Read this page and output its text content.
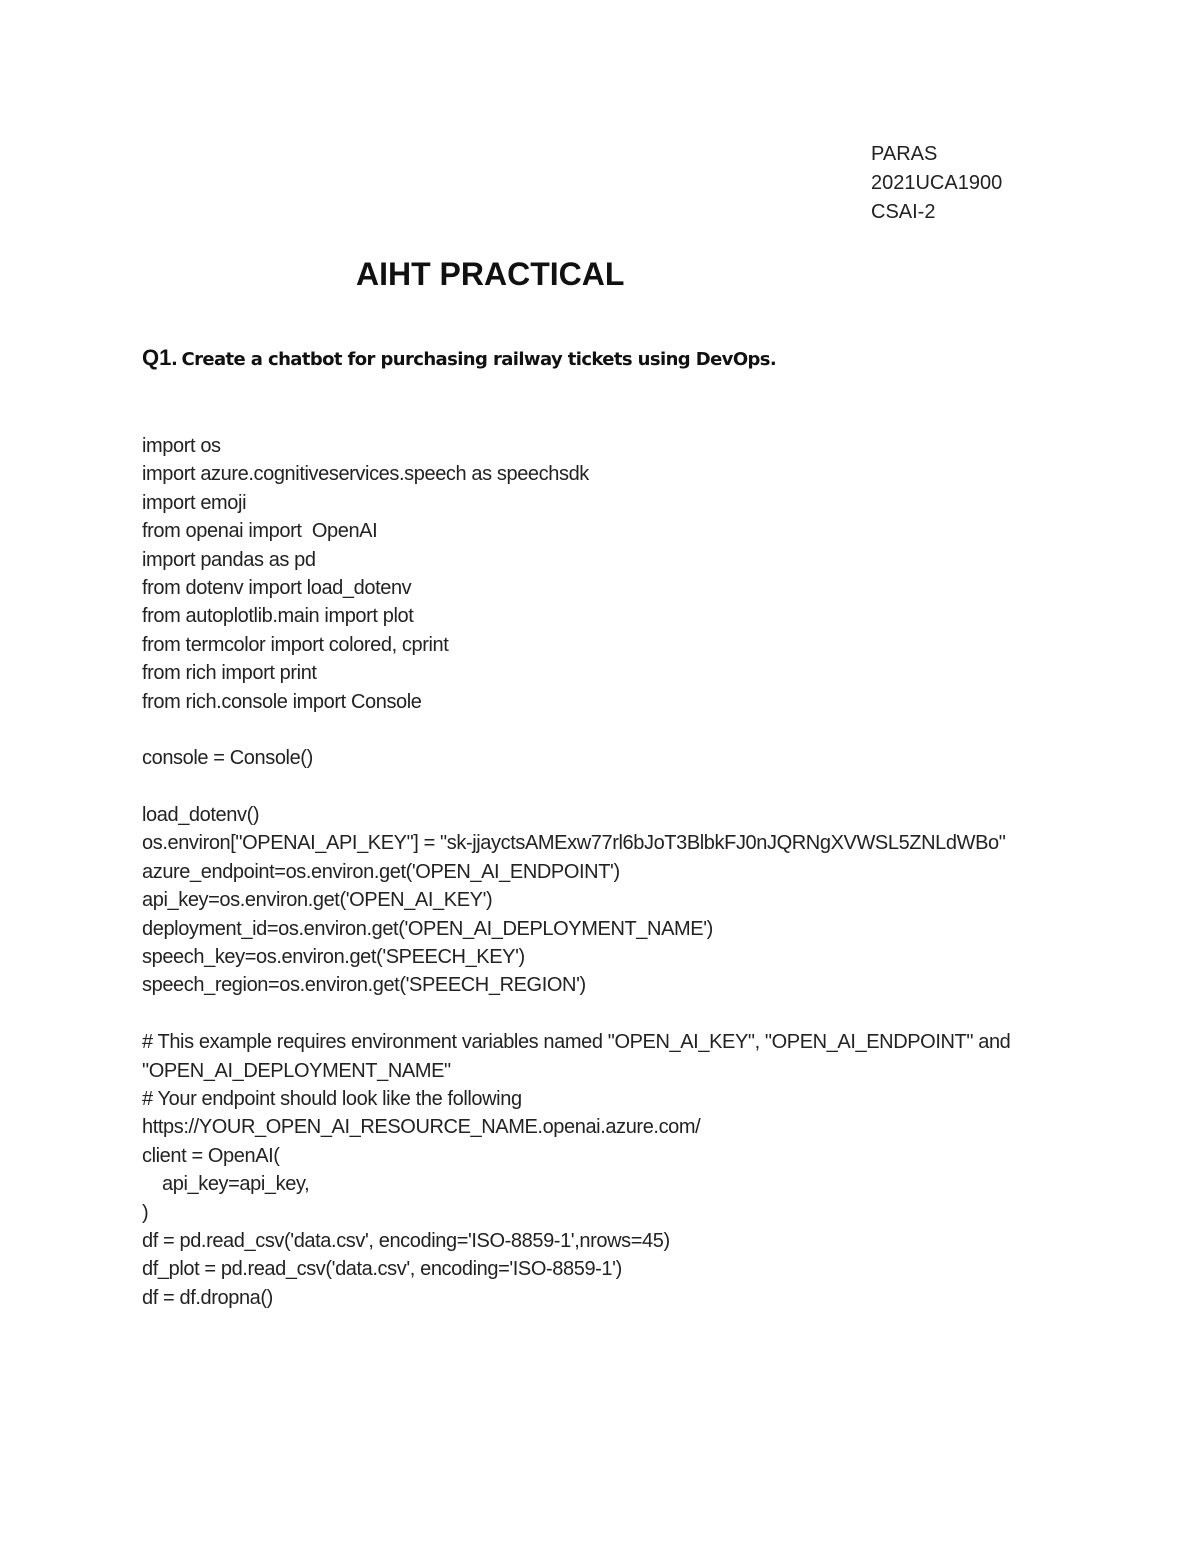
PARAS
2021UCA1900
CSAI-2
AIHT PRACTICAL
Q1. Create a chatbot for purchasing railway tickets using DevOps.
import os
import azure.cognitiveservices.speech as speechsdk
import emoji
from openai import  OpenAI
import pandas as pd
from dotenv import load_dotenv
from autoplotlib.main import plot
from termcolor import colored, cprint
from rich import print
from rich.console import Console
console = Console()
load_dotenv()
os.environ["OPENAI_API_KEY"] = "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"
azure_endpoint=os.environ.get('OPEN_AI_ENDPOINT')
api_key=os.environ.get('OPEN_AI_KEY')
deployment_id=os.environ.get('OPEN_AI_DEPLOYMENT_NAME')
speech_key=os.environ.get('SPEECH_KEY')
speech_region=os.environ.get('SPEECH_REGION')
# This example requires environment variables named "OPEN_AI_KEY", "OPEN_AI_ENDPOINT" and
"OPEN_AI_DEPLOYMENT_NAME"
# Your endpoint should look like the following
https://YOUR_OPEN_AI_RESOURCE_NAME.openai.azure.com/
client = OpenAI(
api_key=api_key,
)
df = pd.read_csv('data.csv', encoding='ISO-8859-1',nrows=45)
df_plot = pd.read_csv('data.csv', encoding='ISO-8859-1')
df = df.dropna()
